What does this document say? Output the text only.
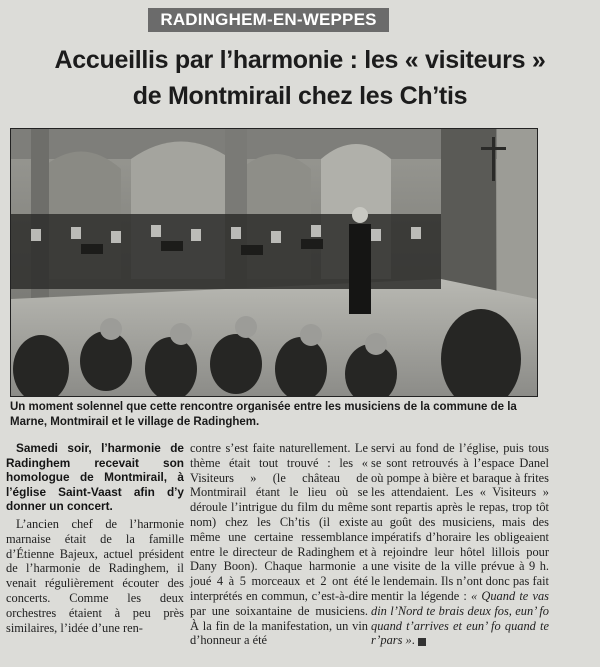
RADINGHEM-EN-WEPPES
Accueillis par l’harmonie : les « visiteurs »
de Montmirail chez les Ch’tis
Un moment solennel que cette rencontre organisée entre les musiciens de la commune de la Marne, Montmirail et le village de Radinghem.

Samedi soir, l’harmonie de Radinghem recevait son homologue de Montmirail, à l’église Saint-Vaast afin d’y donner un concert.

L’ancien chef de l’harmonie marnaise était de la famille d’Étienne Bajeux, actuel président de l’harmonie de Radinghem, il venait régulièrement écouter des concerts. Comme les deux orchestres étaient à peu près similaires, l’idée d’une ren-

contre s’est faite naturellement. Le thème était tout trouvé : les « Visiteurs » (le château de Montmirail étant le lieu où se déroule l’intrigue du film du même nom) chez les Ch’tis (il existe même une certaine ressemblance entre le directeur de Radinghem et Dany Boon). Chaque harmonie a joué 4 à 5 morceaux et 2 ont été interprétés en commun, c’est-à-dire par une soixantaine de musiciens. À la fin de la manifestation, un vin d’honneur a été

servi au fond de l’église, puis tous se sont retrouvés à l’espace Danel où pompe à bière et baraque à frites les attendaient. Les « Visiteurs » sont repartis après le repas, trop tôt au goût des musiciens, mais des impératifs d’horaire les obligeaient à rejoindre leur hôtel lillois pour une visite de la ville prévue à 9 h. le lendemain. Ils n’ont donc pas fait mentir la légende : « Quand te vas din l’Nord te brais deux fos, eun’ fo quand t’arrives et eun’ fo quand te r’pars ».
